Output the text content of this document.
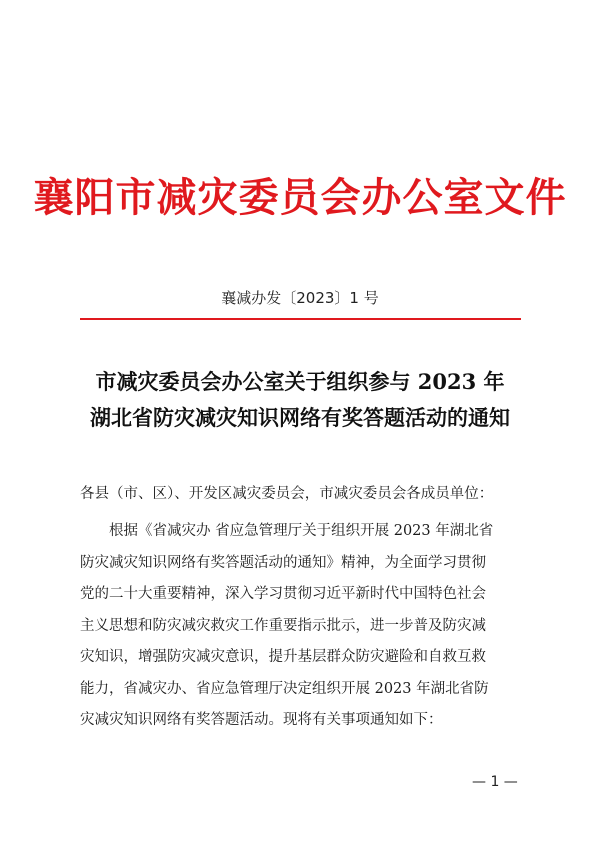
襄阳市减灾委员会办公室文件
襄减办发〔2023〕1 号
市减灾委员会办公室关于组织参与 2023 年
湖北省防灾减灾知识网络有奖答题活动的通知
各县（市、区）、开发区减灾委员会，市减灾委员会各成员单位：
根据《省减灾办 省应急管理厅关于组织开展 2023 年湖北省
防灾减灾知识网络有奖答题活动的通知》精神，为全面学习贯彻
党的二十大重要精神，深入学习贯彻习近平新时代中国特色社会
主义思想和防灾减灾救灾工作重要指示批示，进一步普及防灾减
灾知识，增强防灾减灾意识，提升基层群众防灾避险和自救互救
能力，省减灾办、省应急管理厅决定组织开展 2023 年湖北省防
灾减灾知识网络有奖答题活动。现将有关事项通知如下：
— 1 —
